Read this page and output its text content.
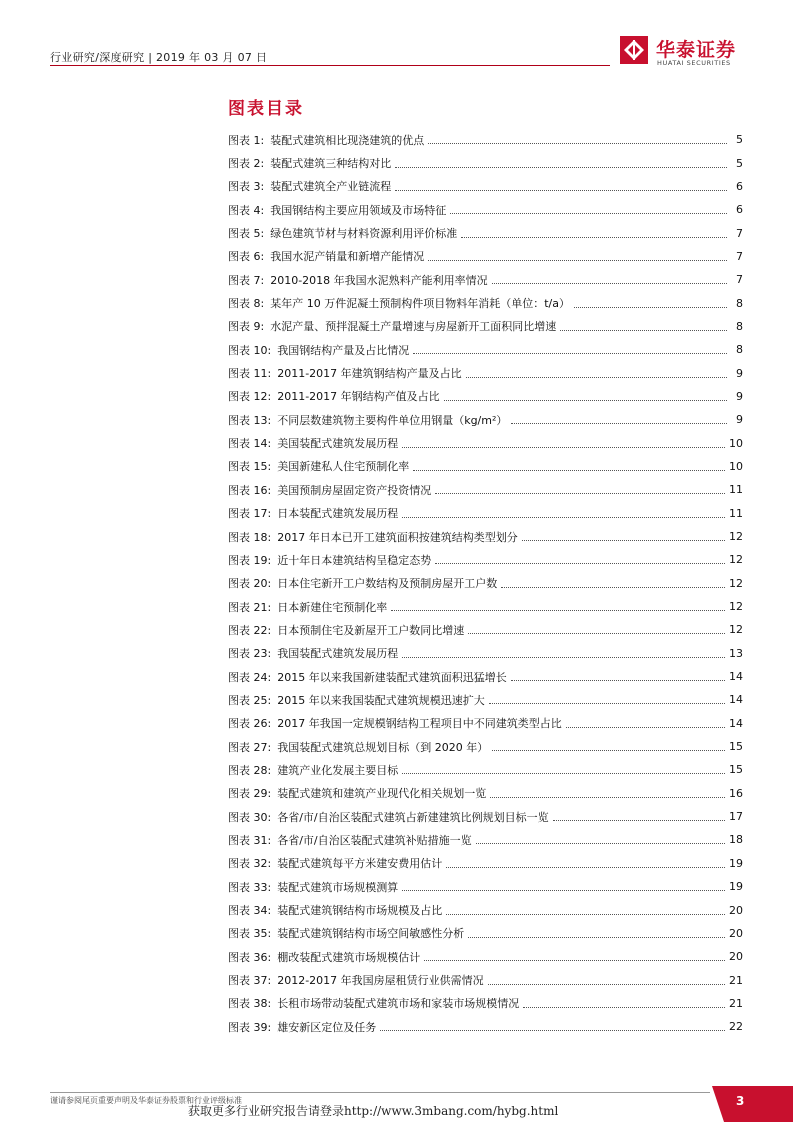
行业研究/深度研究 | 2019 年 03 月 07 日	华泰证券
HUATAI SECURITIES
图表目录
图表 1: 装配式建筑相比现浇建筑的优点	5
图表 2: 装配式建筑三种结构对比	5
图表 3: 装配式建筑全产业链流程	6
图表 4: 我国钢结构主要应用领域及市场特征	6
图表 5: 绿色建筑节材与材料资源利用评价标准	7
图表 6: 我国水泥产销量和新增产能情况	7
图表 7: 2010-2018 年我国水泥熟料产能利用率情况	7
图表 8: 某年产 10 万件泥凝土预制构件项目物料年消耗（单位：t/a）	8
图表 9: 水泥产量、预拌混凝土产量增速与房屋新开工面积同比增速	8
图表 10: 我国钢结构产量及占比情况	8
图表 11: 2011-2017 年建筑钢结构产量及占比	9
图表 12: 2011-2017 年钢结构产值及占比	9
图表 13: 不同层数建筑物主要构件单位用钢量（kg/m²）	9
图表 14: 美国装配式建筑发展历程	10
图表 15: 美国新建私人住宅预制化率	10
图表 16: 美国预制房屋固定资产投资情况	11
图表 17: 日本装配式建筑发展历程	11
图表 18: 2017 年日本已开工建筑面积按建筑结构类型划分	12
图表 19: 近十年日本建筑结构呈稳定态势	12
图表 20: 日本住宅新开工户数结构及预制房屋开工户数	12
图表 21: 日本新建住宅预制化率	12
图表 22: 日本预制住宅及新屋开工户数同比增速	12
图表 23: 我国装配式建筑发展历程	13
图表 24: 2015 年以来我国新建装配式建筑面积迅猛增长	14
图表 25: 2015 年以来我国装配式建筑规模迅速扩大	14
图表 26: 2017 年我国一定规模钢结构工程项目中不同建筑类型占比	14
图表 27: 我国装配式建筑总规划目标（到 2020 年）	15
图表 28: 建筑产业化发展主要目标	15
图表 29: 装配式建筑和建筑产业现代化相关规划一览	16
图表 30: 各省/市/自治区装配式建筑占新建建筑比例规划目标一览	17
图表 31: 各省/市/自治区装配式建筑补贴措施一览	18
图表 32: 装配式建筑每平方米建安费用估计	19
图表 33: 装配式建筑市场规模测算	19
图表 34: 装配式建筑钢结构市场规模及占比	20
图表 35: 装配式建筑钢结构市场空间敏感性分析	20
图表 36: 棚改装配式建筑市场规模估计	20
图表 37: 2012-2017 年我国房屋租赁行业供需情况	21
图表 38: 长租市场带动装配式建筑市场和家装市场规模情况	21
图表 39: 雄安新区定位及任务	22
谨请参阅尾页重要声明及华泰证券股票和行业评级标准
获取更多行业研究报告请登录http://www.3mbang.com/hybg.html
3
